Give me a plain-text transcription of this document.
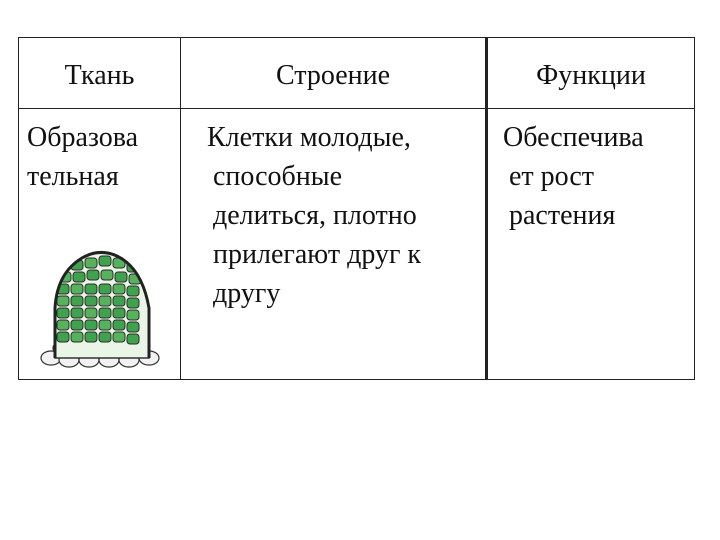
Ткань	Строение	Функции
Образова
тельная
Клетки молодые,
способные
делиться, плотно
прилегают друг к
другу
Обеспечива
ет рост
растения
